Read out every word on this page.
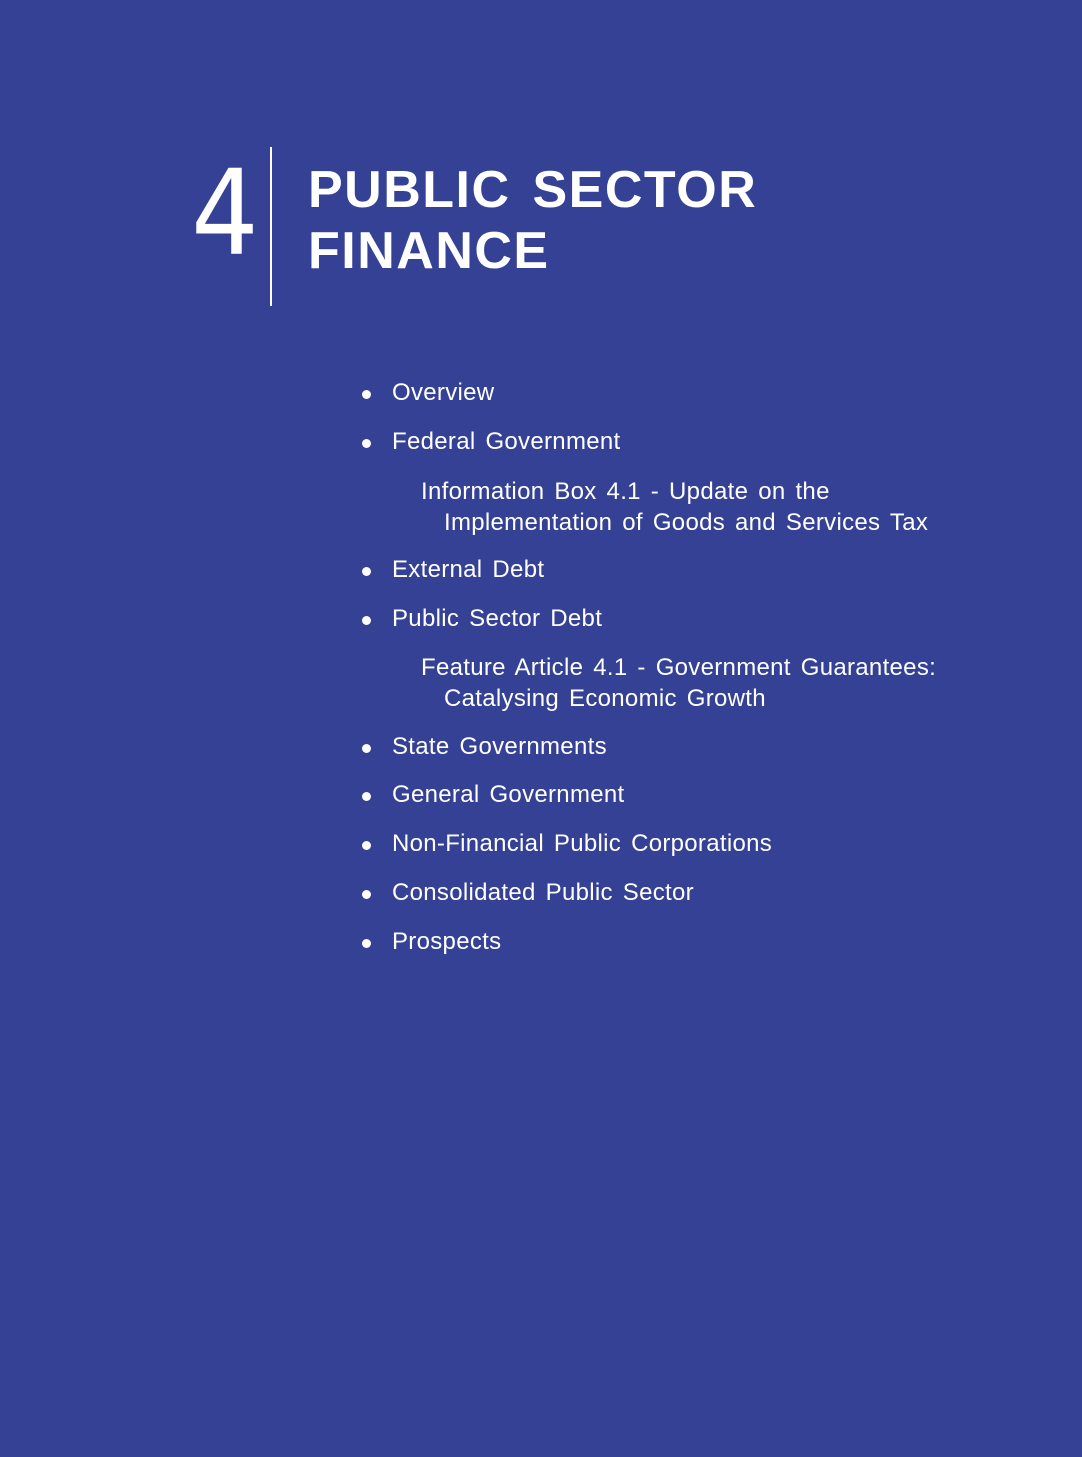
4 PUBLIC SECTOR
FINANCE
Overview
Federal Government
Information Box 4.1 - Update on the
Implementation of Goods and Services Tax
External Debt
Public Sector Debt
Feature Article 4.1 - Government Guarantees:
Catalysing Economic Growth
State Governments
General Government
Non-Financial Public Corporations
Consolidated Public Sector
Prospects
